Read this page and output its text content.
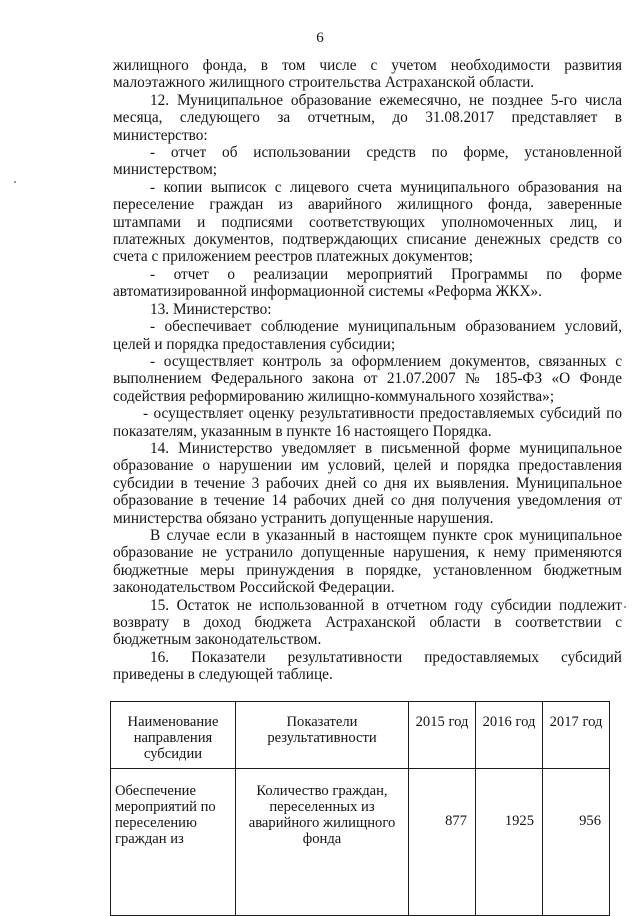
6

жилищного фонда, в том числе с учетом необходимости развития малоэтажного жилищного строительства Астраханской области.

12. Муниципальное образование ежемесячно, не позднее 5-го числа месяца, следующего за отчетным, до 31.08.2017 представляет в министерство:

- отчет об использовании средств по форме, установленной министерством;

- копии выписок с лицевого счета муниципального образования на переселение граждан из аварийного жилищного фонда, заверенные штампами и подписями соответствующих уполномоченных лиц, и платежных документов, подтверждающих списание денежных средств со счета с приложением реестров платежных документов;

- отчет о реализации мероприятий Программы по форме автоматизированной информационной системы «Реформа ЖКХ».

13. Министерство:

- обеспечивает соблюдение муниципальным образованием условий, целей и порядка предоставления субсидии;

- осуществляет контроль за оформлением документов, связанных с выполнением Федерального закона от 21.07.2007 № 185-ФЗ «О Фонде содействия реформированию жилищно-коммунального хозяйства»;

- осуществляет оценку результативности предоставляемых субсидий по показателям, указанным в пункте 16 настоящего Порядка.

14. Министерство уведомляет в письменной форме муниципальное образование о нарушении им условий, целей и порядка предоставления субсидии в течение 3 рабочих дней со дня их выявления. Муниципальное образование в течение 14 рабочих дней со дня получения уведомления от министерства обязано устранить допущенные нарушения.

В случае если в указанный в настоящем пункте срок муниципальное образование не устранило допущенные нарушения, к нему применяются бюджетные меры принуждения в порядке, установленном бюджетным законодательством Российской Федерации.

15. Остаток не использованной в отчетном году субсидии подлежит возврату в доход бюджета Астраханской области в соответствии с бюджетным законодательством.

16. Показатели результативности предоставляемых субсидий приведены в следующей таблице.

Наименование направления субсидии	Показатели результативности	2015 год	2016 год	2017 год
Обеспечение мероприятий по переселению граждан из	Количество граждан, переселенных из аварийного жилищного фонда	877	1925	956
